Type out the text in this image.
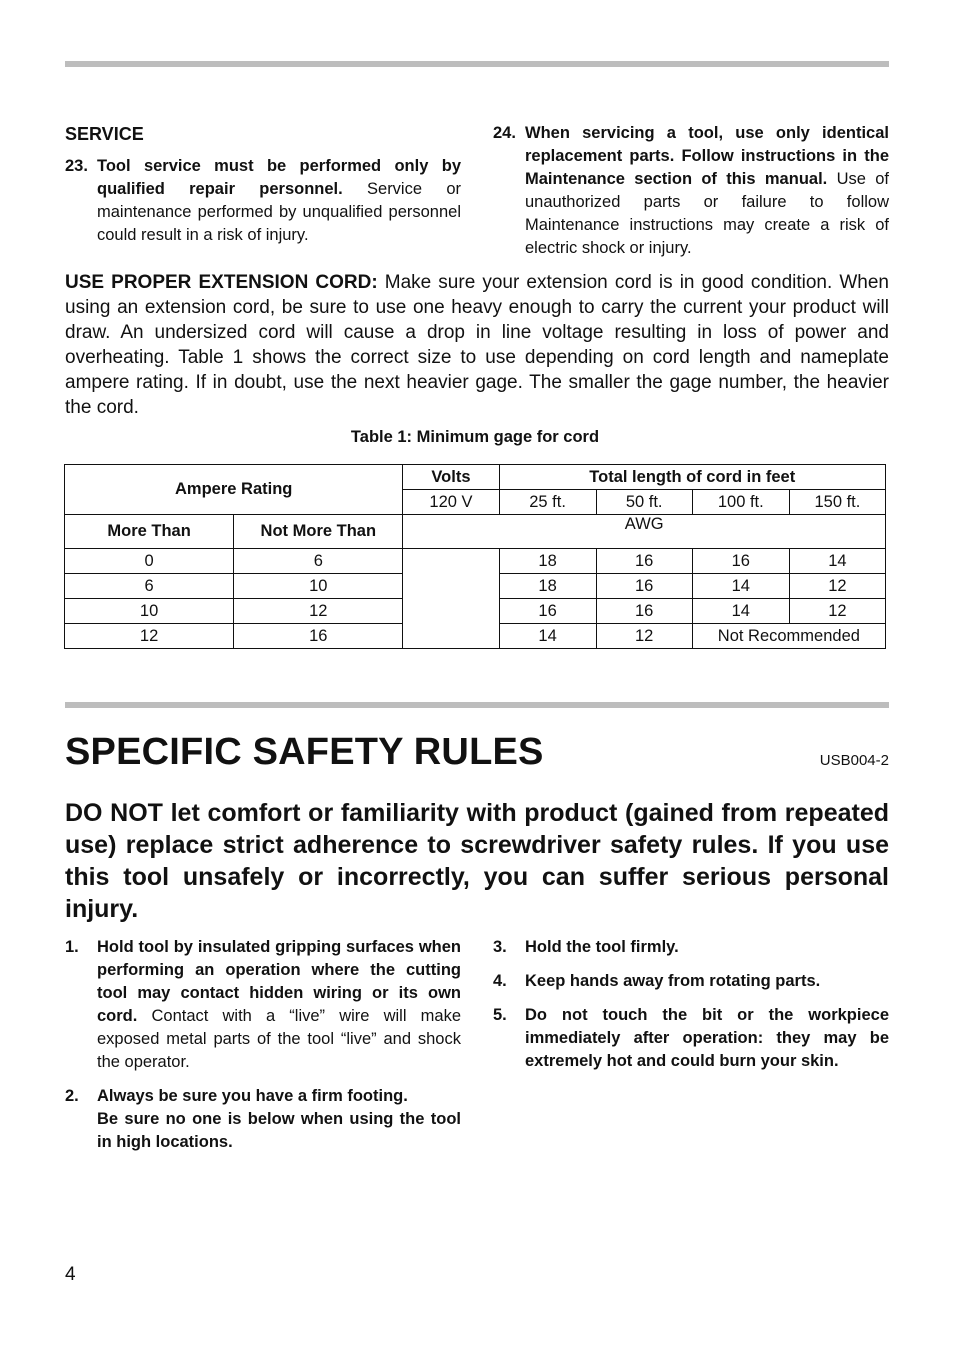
SERVICE
23. Tool service must be performed only by qualified repair personnel. Service or maintenance performed by unqualified personnel could result in a risk of injury.
24. When servicing a tool, use only identical replacement parts. Follow instructions in the Maintenance section of this manual. Use of unauthorized parts or failure to follow Maintenance instructions may create a risk of electric shock or injury.
USE PROPER EXTENSION CORD: Make sure your extension cord is in good condition. When using an extension cord, be sure to use one heavy enough to carry the current your product will draw. An undersized cord will cause a drop in line voltage resulting in loss of power and overheating. Table 1 shows the correct size to use depending on cord length and nameplate ampere rating. If in doubt, use the next heavier gage. The smaller the gage number, the heavier the cord.
Table 1: Minimum gage for cord
Ampere Rating		Volts	Total length of cord in feet			
		120 V	25 ft.	50 ft.	100 ft.	150 ft.
More Than	Not More Than	AWG				
0	6		18	16	16	14
6	10		18	16	14	12
10	12		16	16	14	12
12	16		14	12	Not Recommended	
SPECIFIC SAFETY RULES	USB004-2
DO NOT let comfort or familiarity with product (gained from repeated use) replace strict adherence to screwdriver safety rules. If you use this tool unsafely or incorrectly, you can suffer serious personal injury.
1.	Hold tool by insulated gripping surfaces when performing an operation where the cutting tool may contact hidden wiring or its own cord. Contact with a “live” wire will make exposed metal parts of the tool “live” and shock the operator.
2.	Always be sure you have a firm footing.
Be sure no one is below when using the tool in high locations.
3.	Hold the tool firmly.
4.	Keep hands away from rotating parts.
5.	Do not touch the bit or the workpiece immediately after operation: they may be extremely hot and could burn your skin.
4
